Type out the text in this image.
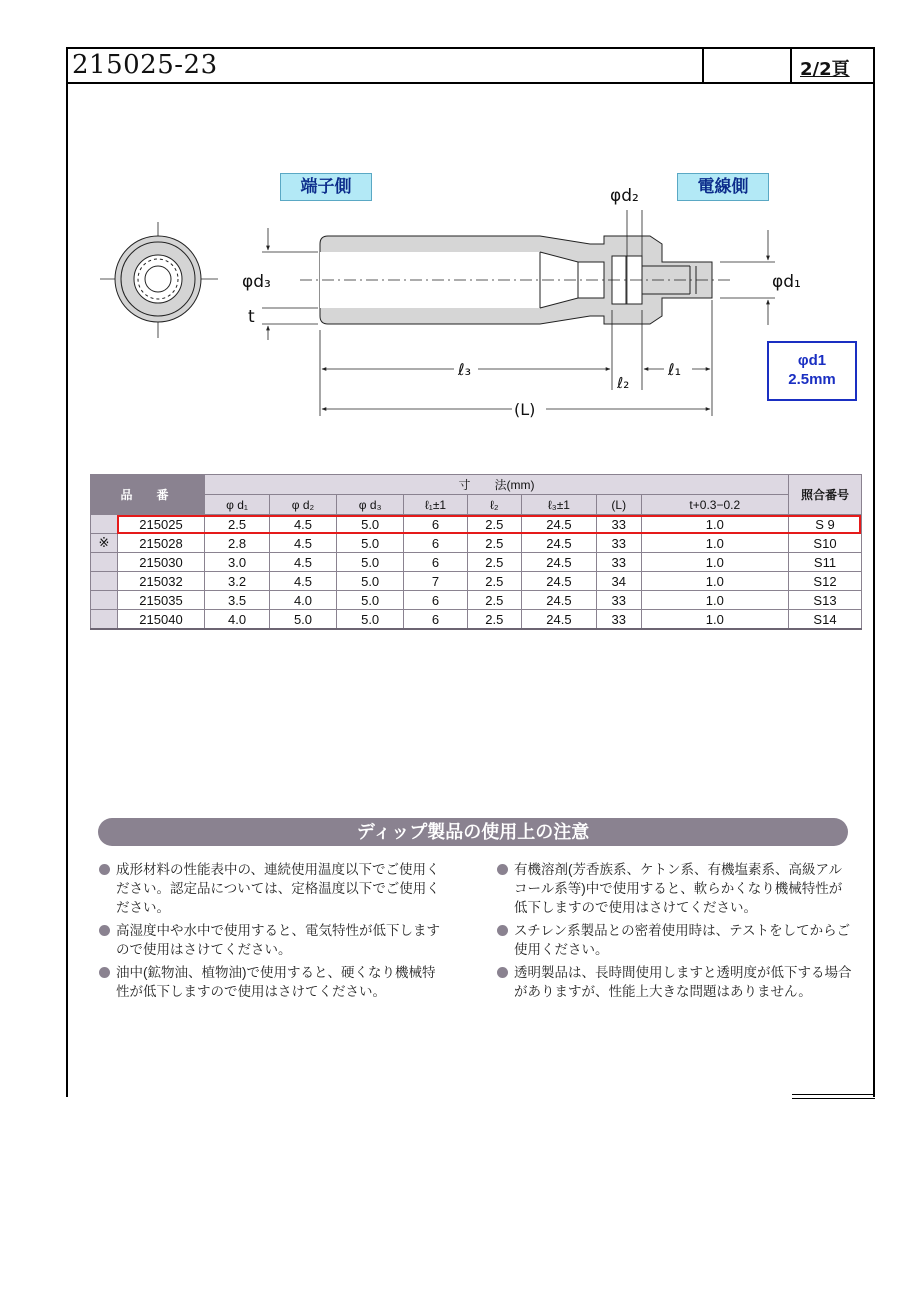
215025-23	2/2頁
φd₃
t
φd₂
φd₁
ℓ₃
ℓ₂
ℓ₁
(L)
端子側	電線側
φd1
2.5mm
品　番		寸　　法(mm)								照合番号
		φ d₁	φ d₂	φ d₃	ℓ₁±1	ℓ₂	ℓ₃±1	(L)	t+0.3−0.2	
	215025	2.5	4.5	5.0	6	2.5	24.5	33	1.0	S 9
※	215028	2.8	4.5	5.0	6	2.5	24.5	33	1.0	S10
	215030	3.0	4.5	5.0	6	2.5	24.5	33	1.0	S11
	215032	3.2	4.5	5.0	7	2.5	24.5	34	1.0	S12
	215035	3.5	4.0	5.0	6	2.5	24.5	33	1.0	S13
	215040	4.0	5.0	5.0	6	2.5	24.5	33	1.0	S14
ディップ製品の使用上の注意
成形材料の性能表中の、連続使用温度以下でご使用ください。認定品については、定格温度以下でご使用ください。
高湿度中や水中で使用すると、電気特性が低下しますので使用はさけてください。
油中(鉱物油、植物油)で使用すると、硬くなり機械特性が低下しますので使用はさけてください。
有機溶剤(芳香族系、ケトン系、有機塩素系、高級アルコール系等)中で使用すると、軟らかくなり機械特性が低下しますので使用はさけてください。
スチレン系製品との密着使用時は、テストをしてからご使用ください。
透明製品は、長時間使用しますと透明度が低下する場合がありますが、性能上大きな問題はありません。
